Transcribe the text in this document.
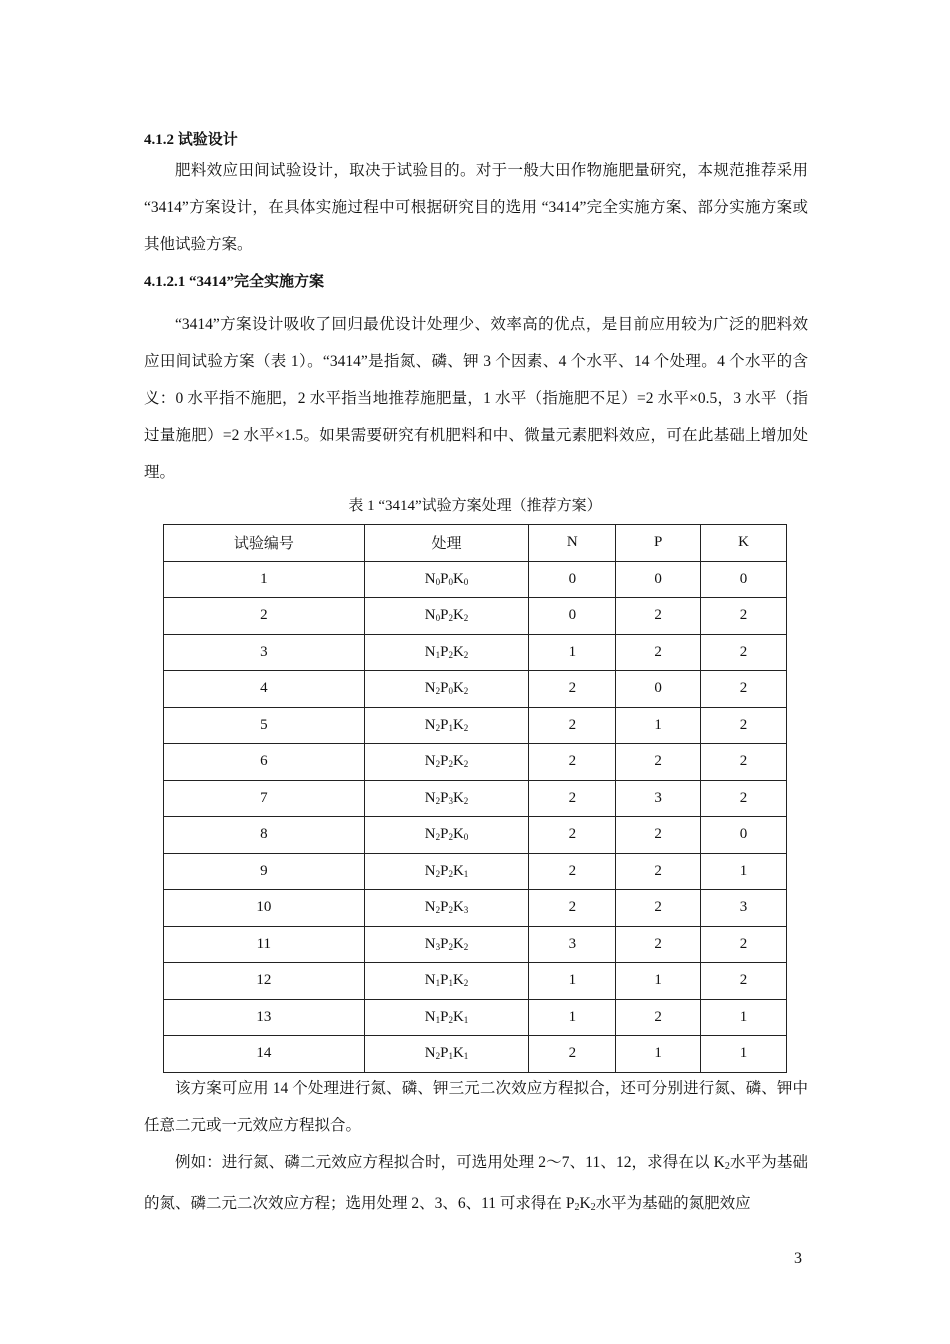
4.1.2 试验设计

肥料效应田间试验设计，取决于试验目的。对于一般大田作物施肥量研究，本规范推荐采用 “3414”方案设计，在具体实施过程中可根据研究目的选用 “3414”完全实施方案、部分实施方案或其他试验方案。

4.1.2.1 “3414”完全实施方案

“3414”方案设计吸收了回归最优设计处理少、效率高的优点，是目前应用较为广泛的肥料效应田间试验方案（表 1）。“3414”是指氮、磷、钾 3 个因素、4 个水平、14 个处理。4 个水平的含义：0 水平指不施肥，2 水平指当地推荐施肥量，1 水平（指施肥不足）=2 水平×0.5，3 水平（指过量施肥）=2 水平×1.5。如果需要研究有机肥料和中、微量元素肥料效应，可在此基础上增加处理。

表 1 “3414”试验方案处理（推荐方案）
试验编号	处理	N	P	K
1	$N_0P_0K_0$	0	0	0
2	$N_0P_2K_2$	0	2	2
3	$N_1P_2K_2$	1	2	2
4	$N_2P_0K_2$	2	0	2
5	$N_2P_1K_2$	2	1	2
6	$N_2P_2K_2$	2	2	2
7	$N_2P_3K_2$	2	3	2
8	$N_2P_2K_0$	2	2	0
9	$N_2P_2K_1$	2	2	1
10	$N_2P_2K_3$	2	2	3
11	$N_3P_2K_2$	3	2	2
12	$N_1P_1K_2$	1	1	2
13	$N_1P_2K_1$	1	2	1
14	$N_2P_1K_1$	2	1	1

该方案可应用 14 个处理进行氮、磷、钾三元二次效应方程拟合，还可分别进行氮、磷、钾中任意二元或一元效应方程拟合。

例如：进行氮、磷二元效应方程拟合时，可选用处理 2～7、11、12，求得在以 $K_2$水平为基础的氮、磷二元二次效应方程；选用处理 2、3、6、11 可求得在 $P_2K_2$水平为基础的氮肥效应

3
